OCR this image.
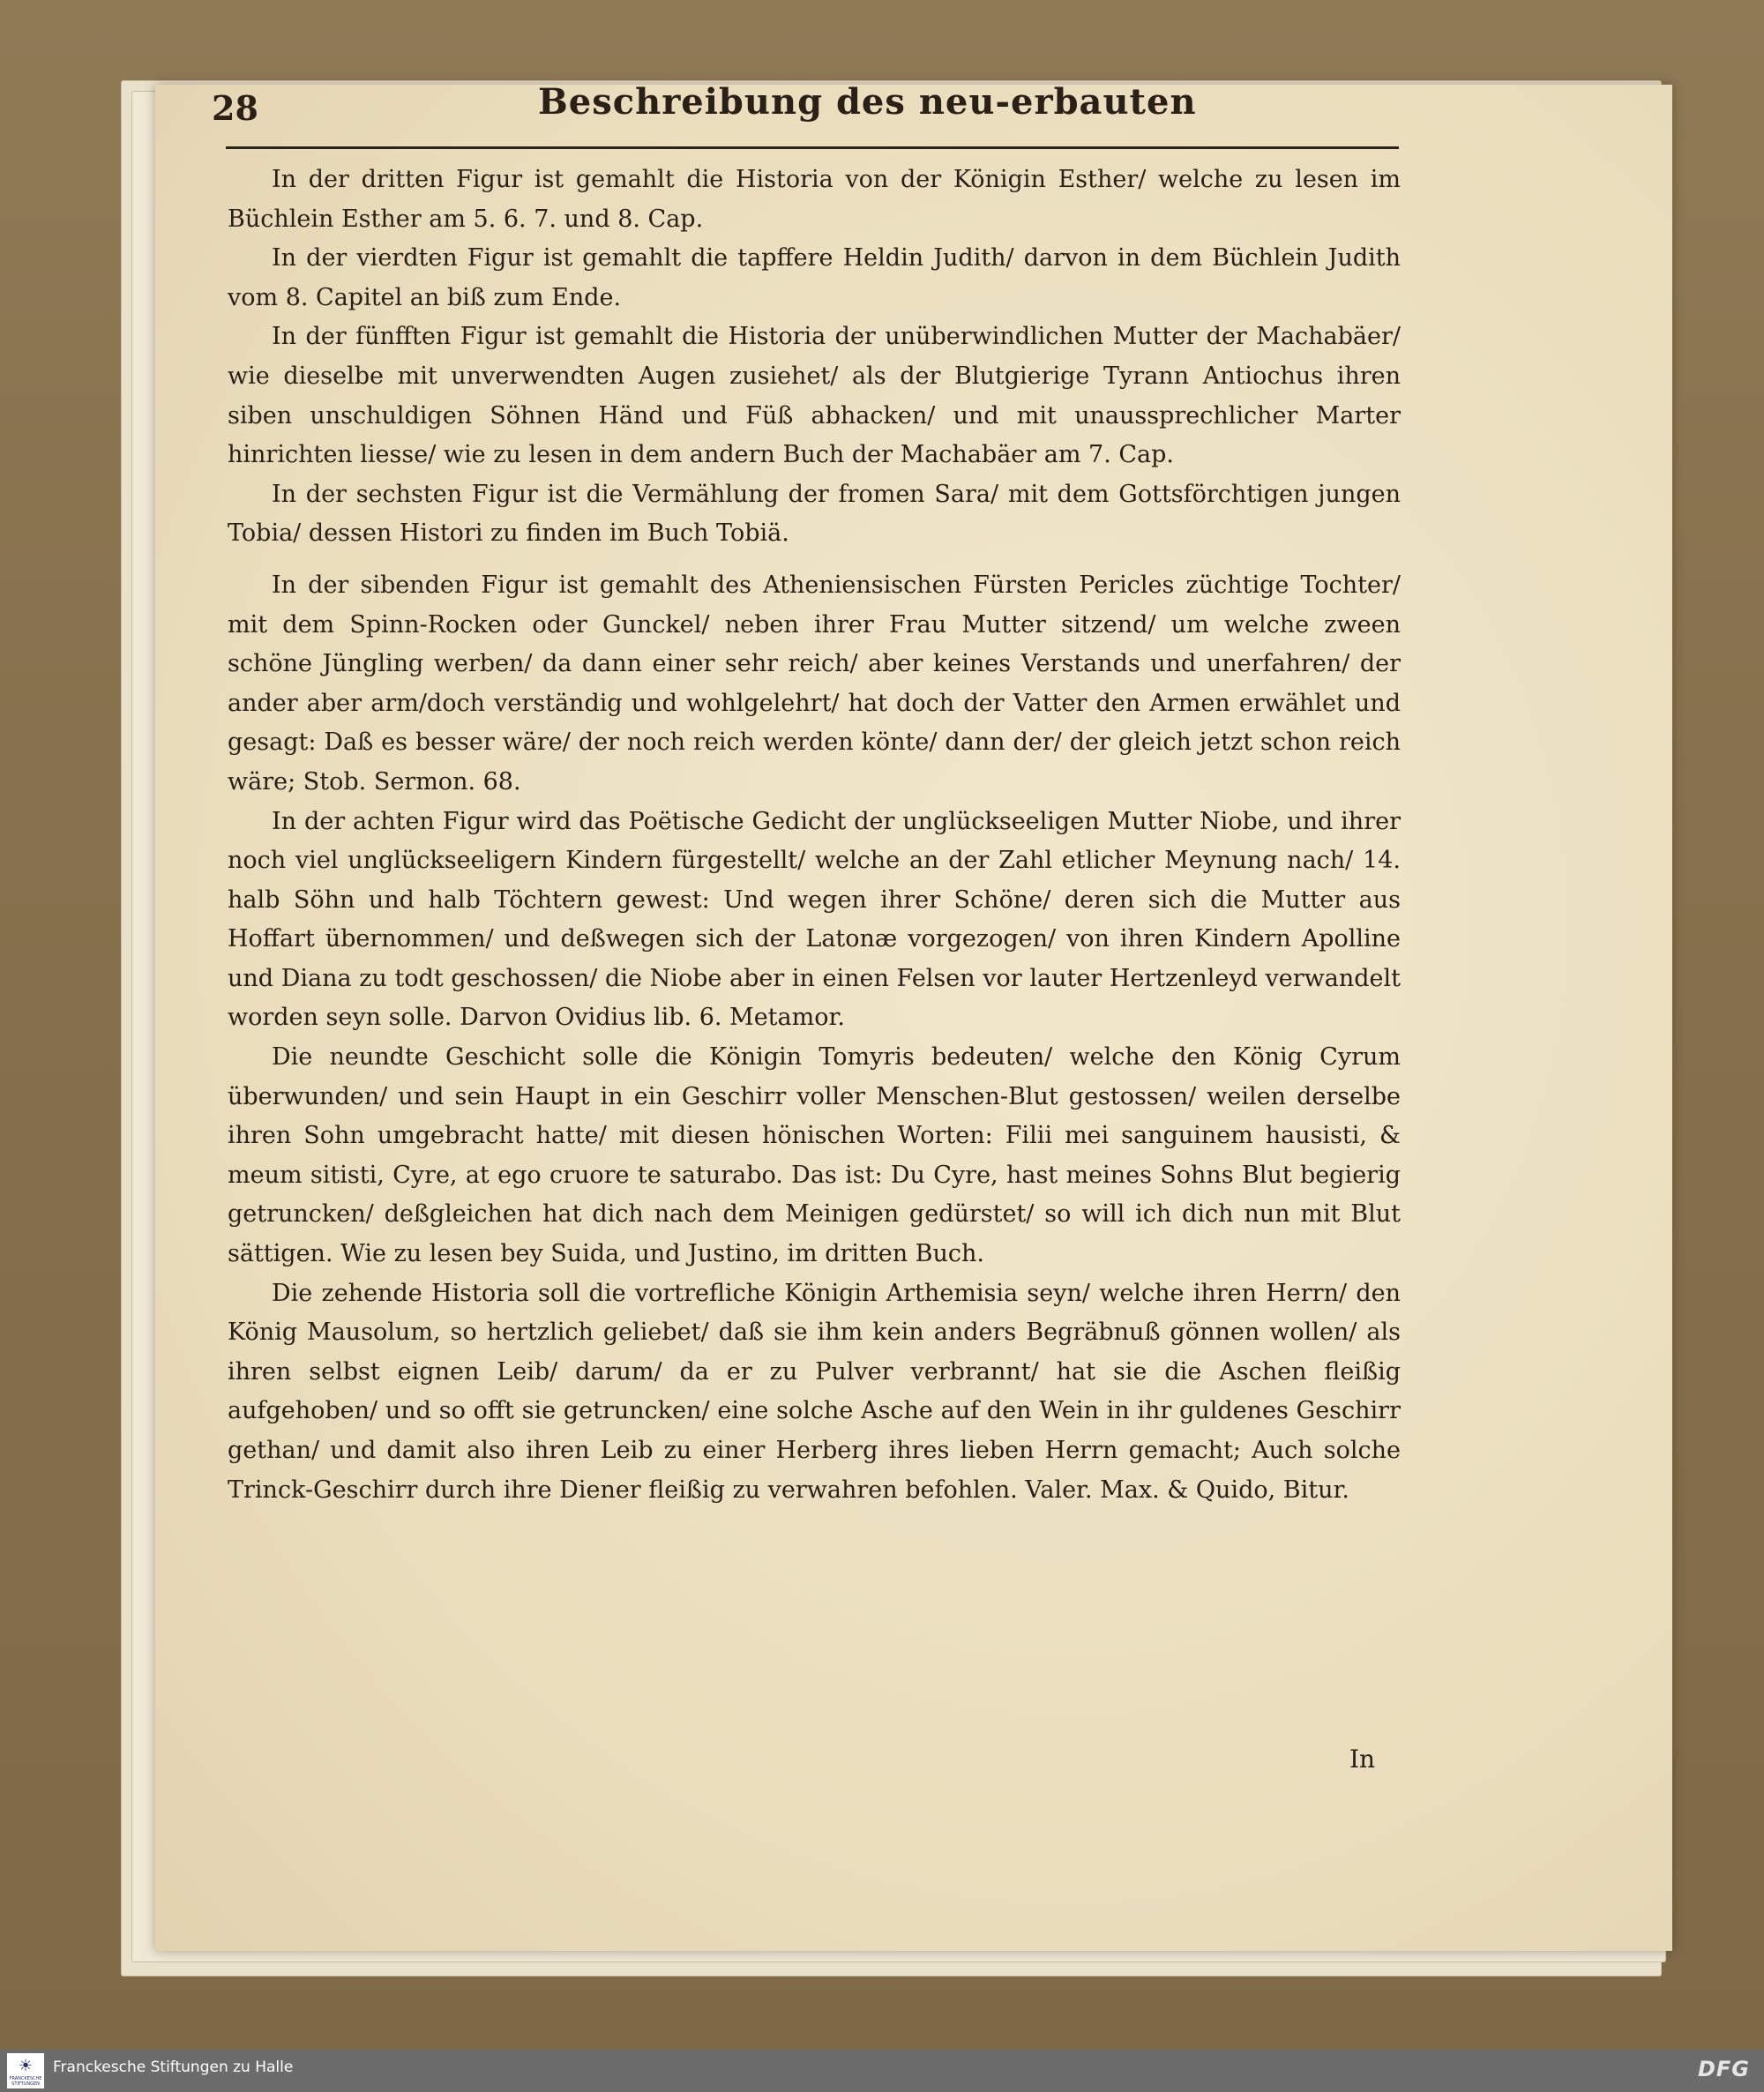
28	Beschreibung des neu-erbauten

In der dritten Figur ist gemahlt die Historia von der Königin Esther/ welche zu lesen im Büchlein Esther am 5. 6. 7. und 8. Cap.

In der vierdten Figur ist gemahlt die tapffere Heldin Judith/ darvon in dem Büchlein Judith vom 8. Capitel an biß zum Ende.

In der fünfften Figur ist gemahlt die Historia der unüberwindlichen Mutter der Machabäer/ wie dieselbe mit unverwendten Augen zusiehet/ als der Blutgierige Tyrann Antiochus ihren siben unschuldigen Söhnen Händ und Füß abhacken/ und mit unaussprechlicher Marter hinrichten liesse/ wie zu lesen in dem andern Buch der Machabäer am 7. Cap.

In der sechsten Figur ist die Vermählung der fromen Sara/ mit dem Gottsförchtigen jungen Tobia/ dessen Histori zu finden im Buch Tobiä.

In der sibenden Figur ist gemahlt des Atheniensischen Fürsten Pericles züchtige Tochter/ mit dem Spinn-Rocken oder Gunckel/ neben ihrer Frau Mutter sitzend/ um welche zween schöne Jüngling werben/ da dann einer sehr reich/ aber keines Verstands und unerfahren/ der ander aber arm/doch verständig und wohlgelehrt/ hat doch der Vatter den Armen erwählet und gesagt: Daß es besser wäre/ der noch reich werden könte/ dann der/ der gleich jetzt schon reich wäre; Stob. Sermon. 68.

In der achten Figur wird das Poëtische Gedicht der unglückseeligen Mutter Niobe, und ihrer noch viel unglückseeligern Kindern fürgestellt/ welche an der Zahl etlicher Meynung nach/ 14. halb Söhn und halb Töchtern gewest: Und wegen ihrer Schöne/ deren sich die Mutter aus Hoffart übernommen/ und deßwegen sich der Latonæ vorgezogen/ von ihren Kindern Apolline und Diana zu todt geschossen/ die Niobe aber in einen Felsen vor lauter Hertzenleyd verwandelt worden seyn solle. Darvon Ovidius lib. 6. Metamor.

Die neundte Geschicht solle die Königin Tomyris bedeuten/ welche den König Cyrum überwunden/ und sein Haupt in ein Geschirr voller Menschen-Blut gestossen/ weilen derselbe ihren Sohn umgebracht hatte/ mit diesen hönischen Worten: Filii mei sanguinem hausisti, & meum sitisti, Cyre, at ego cruore te saturabo. Das ist: Du Cyre, hast meines Sohns Blut begierig getruncken/ deßgleichen hat dich nach dem Meinigen gedürstet/ so will ich dich nun mit Blut sättigen. Wie zu lesen bey Suida, und Justino, im dritten Buch.

Die zehende Historia soll die vortrefliche Königin Arthemisia seyn/ welche ihren Herrn/ den König Mausolum, so hertzlich geliebet/ daß sie ihm kein anders Begräbnuß gönnen wollen/ als ihren selbst eignen Leib/ darum/ da er zu Pulver verbrannt/ hat sie die Aschen fleißig aufgehoben/ und so offt sie getruncken/ eine solche Asche auf den Wein in ihr guldenes Geschirr gethan/ und damit also ihren Leib zu einer Herberg ihres lieben Herrn gemacht; Auch solche Trinck-Geschirr durch ihre Diener fleißig zu verwahren befohlen. Valer. Max. & Quido, Bitur.

In
☀
FRANCKESCHE STIFTUNGEN
Franckesche Stiftungen zu Halle	DFG
